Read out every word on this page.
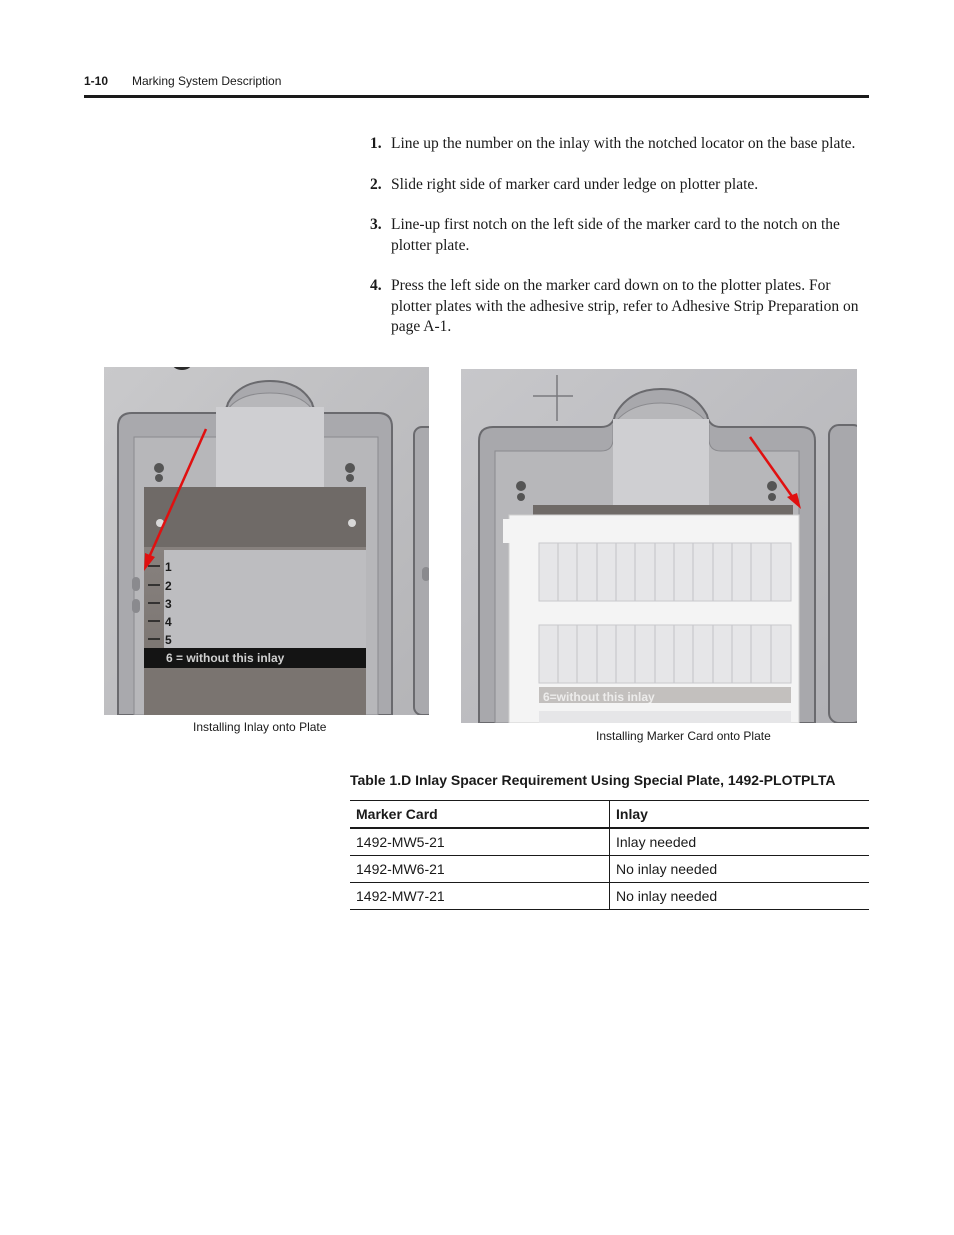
1-10 Marking System Description
1. Line up the number on the inlay with the notched locator on the base plate.
2. Slide right side of marker card under ledge on plotter plate.
3. Line-up first notch on the left side of the marker card to the notch on the plotter plate.
4. Press the left side on the marker card down on to the plotter plates. For plotter plates with the adhesive strip, refer to Adhesive Strip Preparation on page A-1.
1
2
3
4
5
6 = without this inlay
6=without this inlay
Installing Inlay onto Plate
Installing Marker Card onto Plate
Table 1.D Inlay Spacer Requirement Using Special Plate, 1492-PLOTPLTA
Marker Card	Inlay
1492-MW5-21	Inlay needed
1492-MW6-21	No inlay needed
1492-MW7-21	No inlay needed
